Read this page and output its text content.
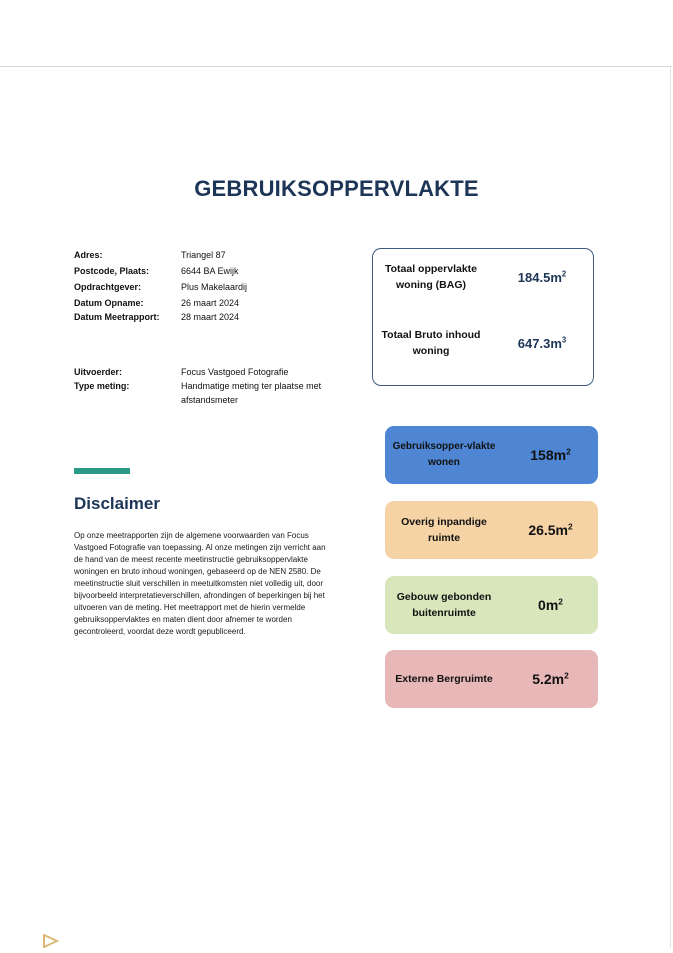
GEBRUIKSOPPERVLAKTE
Adres:	Triangel 87
Postcode, Plaats:	6644 BA Ewijk
Opdrachtgever:	Plus Makelaardij
Datum Opname:	26 maart 2024
Datum Meetrapport:	28 maart 2024
Uitvoerder:	Focus Vastgoed Fotografie
Type meting:	Handmatige meting ter plaatse met afstandsmeter
Disclaimer
Op onze meetrapporten zijn de algemene voorwaarden van Focus Vastgoed Fotografie van toepassing. Al onze metingen zijn verricht aan de hand van de meest recente meetinstructie gebruiksoppervlakte woningen en bruto inhoud woningen, gebaseerd op de NEN 2580. De meetinstructie sluit verschillen in meetuitkomsten niet volledig uit, door bijvoorbeeld interpretatieverschillen, afrondingen of beperkingen bij het uitvoeren van de meting. Het meetrapport met de hierin vermelde gebruiksoppervlaktes en maten dient door afnemer te worden gecontroleerd, voordat deze wordt gepubliceerd.
Totaal oppervlakte woning (BAG)
$184.5m^2$
Totaal Bruto inhoud woning
$647.3m^3$
Gebruiksopper-vlakte wonen	$158m^2$
Overig inpandige ruimte	$26.5m^2$
Gebouw gebonden buitenruimte	$0m^2$
Externe Bergruimte	$5.2m^2$
